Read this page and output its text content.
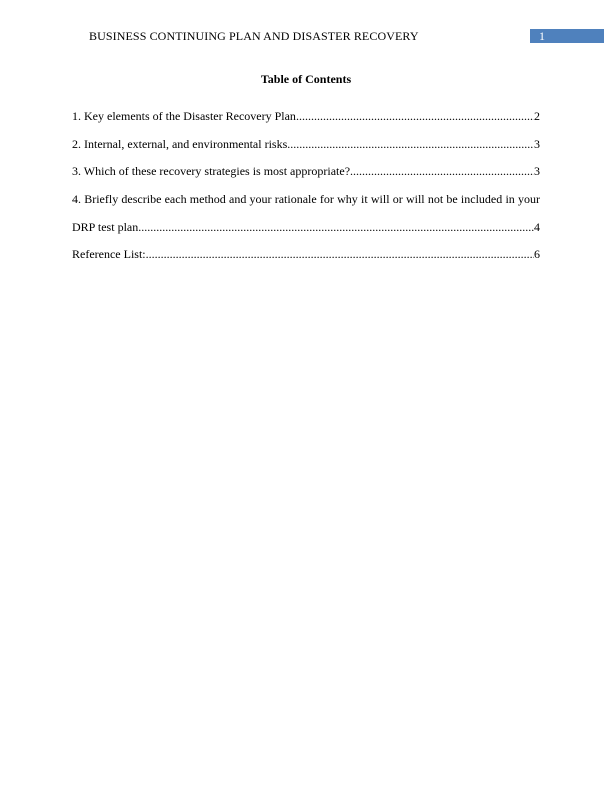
BUSINESS CONTINUING PLAN AND DISASTER RECOVERY	1
Table of Contents
1. Key elements of the Disaster Recovery Plan .....	2
2. Internal, external, and environmental risks .....	3
3. Which of these recovery strategies is most appropriate? .....	3
4. Briefly describe each method and your rationale for why it will or will not be included in your
DRP test plan .....	4
Reference List: .....	6
